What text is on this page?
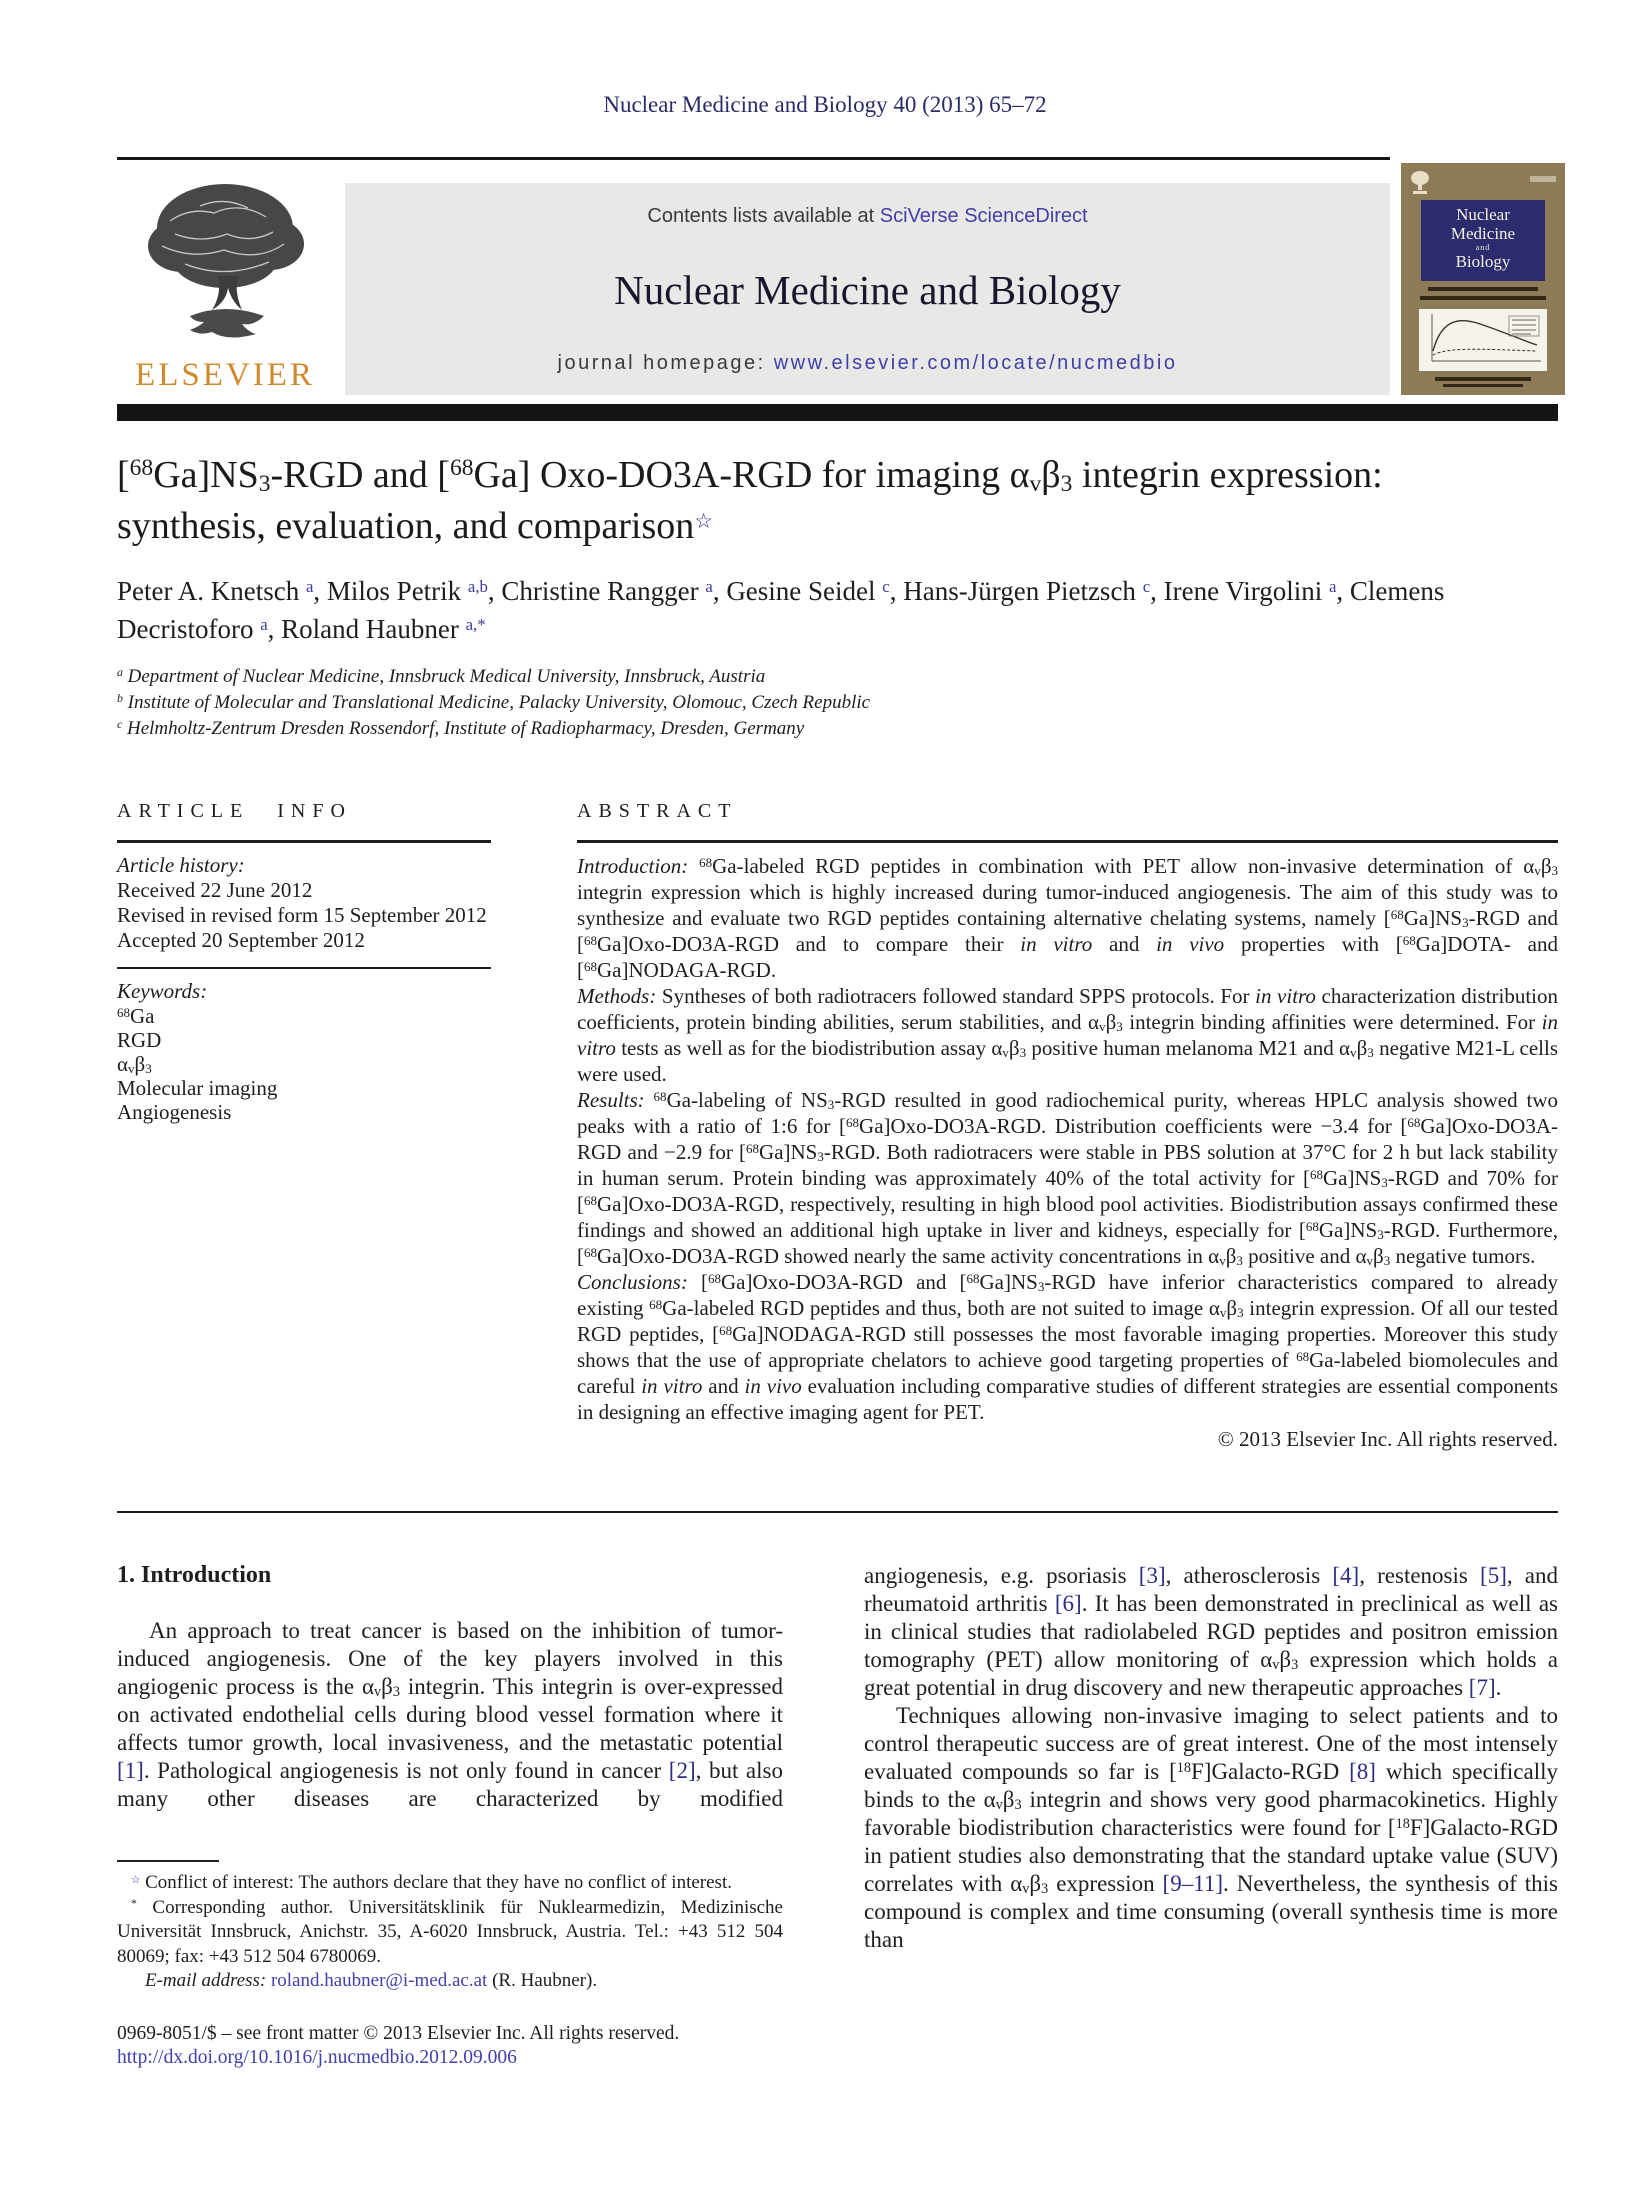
Nuclear Medicine and Biology 40 (2013) 65–72
ELSEVIER
Contents lists available at SciVerse ScienceDirect
Nuclear Medicine and Biology
journal homepage: www.elsevier.com/locate/nucmedbio
Nuclear
Medicine
and
Biology
$[^{68}Ga]NS_3$-RGD and [$^{68}$Ga] Oxo-DO3A-RGD for imaging $\alpha_v\beta_3$ integrin expression: synthesis, evaluation, and comparison☆
Peter A. Knetsch $^a$, Milos Petrik $^{a,b}$, Christine Rangger $^a$, Gesine Seidel $^c$, Hans-Jürgen Pietzsch $^c$, Irene Virgolini $^a$, Clemens Decristoforo $^a$, Roland Haubner $^{a,*}$
$^a$ Department of Nuclear Medicine, Innsbruck Medical University, Innsbruck, Austria
$^b$ Institute of Molecular and Translational Medicine, Palacky University, Olomouc, Czech Republic
$^c$ Helmholtz-Zentrum Dresden Rossendorf, Institute of Radiopharmacy, Dresden, Germany
ARTICLE INFO
Article history:
Received 22 June 2012
Revised in revised form 15 September 2012
Accepted 20 September 2012
Keywords:
$^{68}$Ga
RGD
$\alpha_v\beta_3$
Molecular imaging
Angiogenesis
ABSTRACT
Introduction: $^{68}$Ga-labeled RGD peptides in combination with PET allow non-invasive determination of $\alpha_v\beta_3$ integrin expression which is highly increased during tumor-induced angiogenesis. The aim of this study was to synthesize and evaluate two RGD peptides containing alternative chelating systems, namely $[^{68}Ga]NS_3$-RGD and [$^{68}$Ga]Oxo-DO3A-RGD and to compare their in vitro and in vivo properties with [$^{68}$Ga]DOTA- and [$^{68}$Ga]NODAGA-RGD.
Methods: Syntheses of both radiotracers followed standard SPPS protocols. For in vitro characterization distribution coefficients, protein binding abilities, serum stabilities, and $\alpha_v\beta_3$ integrin binding affinities were determined. For in vitro tests as well as for the biodistribution assay $\alpha_v\beta_3$ positive human melanoma M21 and $\alpha_v\beta_3$ negative M21-L cells were used.
Results: $^{68}$Ga-labeling of $NS_3$-RGD resulted in good radiochemical purity, whereas HPLC analysis showed two peaks with a ratio of 1:6 for [$^{68}$Ga]Oxo-DO3A-RGD. Distribution coefficients were −3.4 for [$^{68}$Ga]Oxo-DO3A-RGD and −2.9 for $[^{68}Ga]NS_3$-RGD. Both radiotracers were stable in PBS solution at 37°C for 2 h but lack stability in human serum. Protein binding was approximately 40% of the total activity for $[^{68}Ga]NS_3$-RGD and 70% for [$^{68}$Ga]Oxo-DO3A-RGD, respectively, resulting in high blood pool activities. Biodistribution assays confirmed these findings and showed an additional high uptake in liver and kidneys, especially for $[^{68}Ga]NS_3$-RGD. Furthermore, [$^{68}$Ga]Oxo-DO3A-RGD showed nearly the same activity concentrations in $\alpha_v\beta_3$ positive and $\alpha_v\beta_3$ negative tumors.
Conclusions: [$^{68}$Ga]Oxo-DO3A-RGD and $[^{68}Ga]NS_3$-RGD have inferior characteristics compared to already existing $^{68}$Ga-labeled RGD peptides and thus, both are not suited to image $\alpha_v\beta_3$ integrin expression. Of all our tested RGD peptides, [$^{68}$Ga]NODAGA-RGD still possesses the most favorable imaging properties. Moreover this study shows that the use of appropriate chelators to achieve good targeting properties of $^{68}$Ga-labeled biomolecules and careful in vitro and in vivo evaluation including comparative studies of different strategies are essential components in designing an effective imaging agent for PET.
© 2013 Elsevier Inc. All rights reserved.
1. Introduction

An approach to treat cancer is based on the inhibition of tumor-induced angiogenesis. One of the key players involved in this angiogenic process is the $\alpha_v\beta_3$ integrin. This integrin is over-expressed on activated endothelial cells during blood vessel formation where it affects tumor growth, local invasiveness, and the metastatic potential [1]. Pathological angiogenesis is not only found in cancer [2], but also many other diseases are characterized by modified

angiogenesis, e.g. psoriasis [3], atherosclerosis [4], restenosis [5], and rheumatoid arthritis [6]. It has been demonstrated in preclinical as well as in clinical studies that radiolabeled RGD peptides and positron emission tomography (PET) allow monitoring of $\alpha_v\beta_3$ expression which holds a great potential in drug discovery and new therapeutic approaches [7].

Techniques allowing non-invasive imaging to select patients and to control therapeutic success are of great interest. One of the most intensely evaluated compounds so far is [$^{18}$F]Galacto-RGD [8] which specifically binds to the $\alpha_v\beta_3$ integrin and shows very good pharmacokinetics. Highly favorable biodistribution characteristics were found for [$^{18}$F]Galacto-RGD in patient studies also demonstrating that the standard uptake value (SUV) correlates with $\alpha_v\beta_3$ expression [9–11]. Nevertheless, the synthesis of this compound is complex and time consuming (overall synthesis time is more than

☆ Conflict of interest: The authors declare that they have no conflict of interest.

* Corresponding author. Universitätsklinik für Nuklearmedizin, Medizinische Universität Innsbruck, Anichstr. 35, A-6020 Innsbruck, Austria. Tel.: +43 512 504 80069; fax: +43 512 504 6780069.

E-mail address: roland.haubner@i-med.ac.at (R. Haubner).

0969-8051/$ – see front matter © 2013 Elsevier Inc. All rights reserved.
http://dx.doi.org/10.1016/j.nucmedbio.2012.09.006
